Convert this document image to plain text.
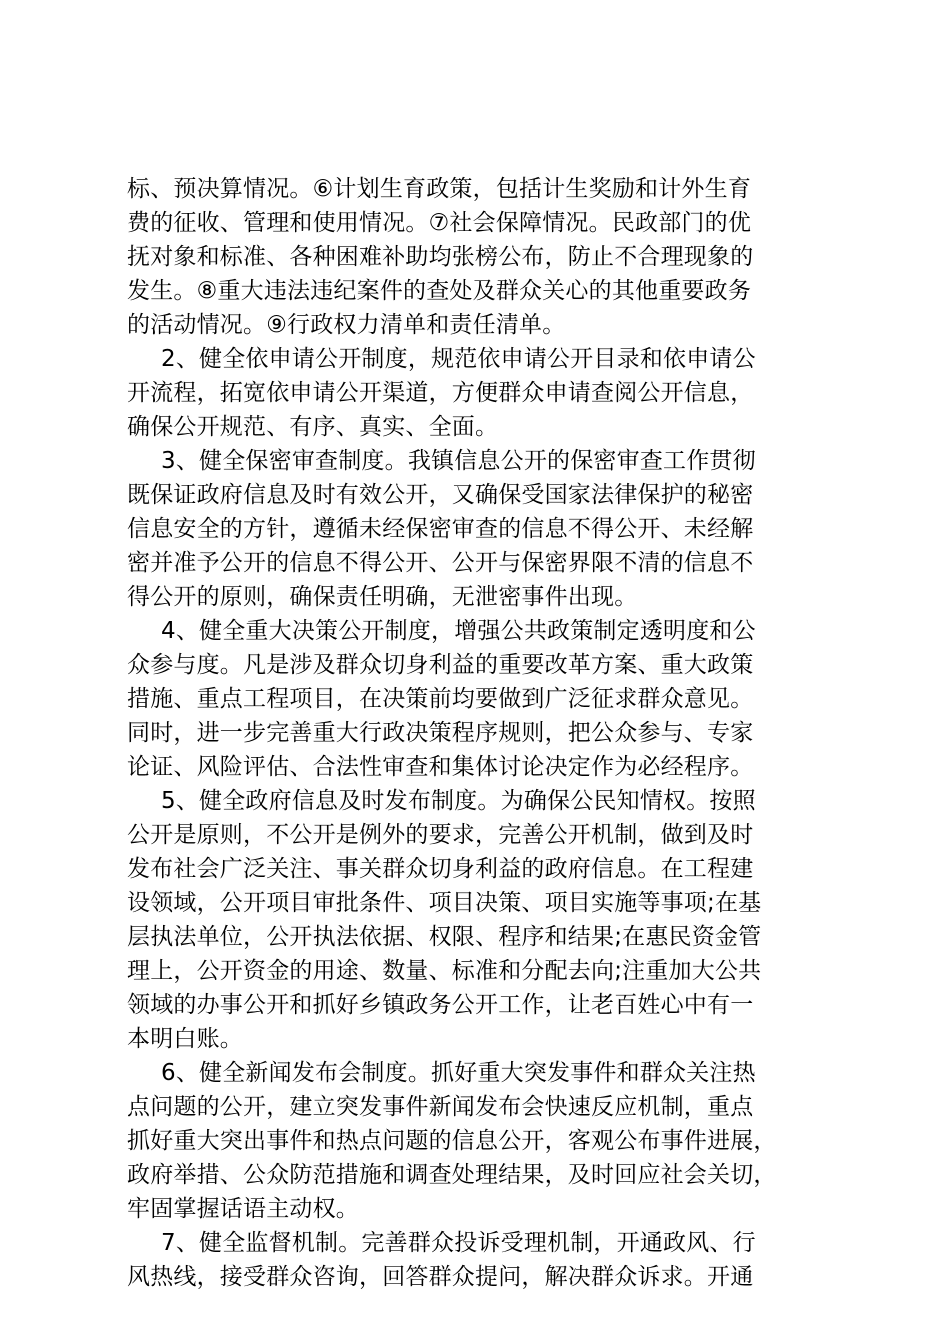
标、预决算情况。⑥计划生育政策，包括计生奖励和计外生育
费的征收、管理和使用情况。⑦社会保障情况。民政部门的优
抚对象和标准、各种困难补助均张榜公布，防止不合理现象的
发生。⑧重大违法违纪案件的查处及群众关心的其他重要政务
的活动情况。⑨行政权力清单和责任清单。
2、健全依申请公开制度，规范依申请公开目录和依申请公
开流程，拓宽依申请公开渠道，方便群众申请查阅公开信息，
确保公开规范、有序、真实、全面。
3、健全保密审查制度。我镇信息公开的保密审查工作贯彻
既保证政府信息及时有效公开，又确保受国家法律保护的秘密
信息安全的方针，遵循未经保密审查的信息不得公开、未经解
密并准予公开的信息不得公开、公开与保密界限不清的信息不
得公开的原则，确保责任明确，无泄密事件出现。
4、健全重大决策公开制度，增强公共政策制定透明度和公
众参与度。凡是涉及群众切身利益的重要改革方案、重大政策
措施、重点工程项目，在决策前均要做到广泛征求群众意见。
同时，进一步完善重大行政决策程序规则，把公众参与、专家
论证、风险评估、合法性审查和集体讨论决定作为必经程序。
5、健全政府信息及时发布制度。为确保公民知情权。按照
公开是原则，不公开是例外的要求，完善公开机制，做到及时
发布社会广泛关注、事关群众切身利益的政府信息。在工程建
设领域，公开项目审批条件、项目决策、项目实施等事项;在基
层执法单位，公开执法依据、权限、程序和结果;在惠民资金管
理上，公开资金的用途、数量、标准和分配去向;注重加大公共
领域的办事公开和抓好乡镇政务公开工作，让老百姓心中有一
本明白账。
6、健全新闻发布会制度。抓好重大突发事件和群众关注热
点问题的公开，建立突发事件新闻发布会快速反应机制，重点
抓好重大突出事件和热点问题的信息公开，客观公布事件进展，
政府举措、公众防范措施和调查处理结果，及时回应社会关切，
牢固掌握话语主动权。
7、健全监督机制。完善群众投诉受理机制，开通政风、行
风热线，接受群众咨询，回答群众提问，解决群众诉求。开通
